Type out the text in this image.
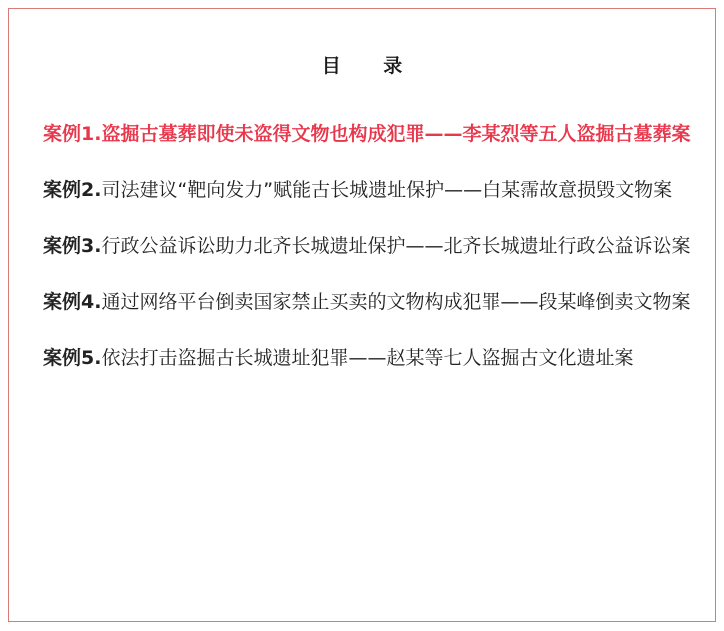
目 录
案例1.盗掘古墓葬即使未盗得文物也构成犯罪——李某烈等五人盗掘古墓葬案
案例2.司法建议“靶向发力”赋能古长城遗址保护——白某霈故意损毁文物案
案例3.行政公益诉讼助力北齐长城遗址保护——北齐长城遗址行政公益诉讼案
案例4.通过网络平台倒卖国家禁止买卖的文物构成犯罪——段某峰倒卖文物案
案例5.依法打击盗掘古长城遗址犯罪——赵某等七人盗掘古文化遗址案
